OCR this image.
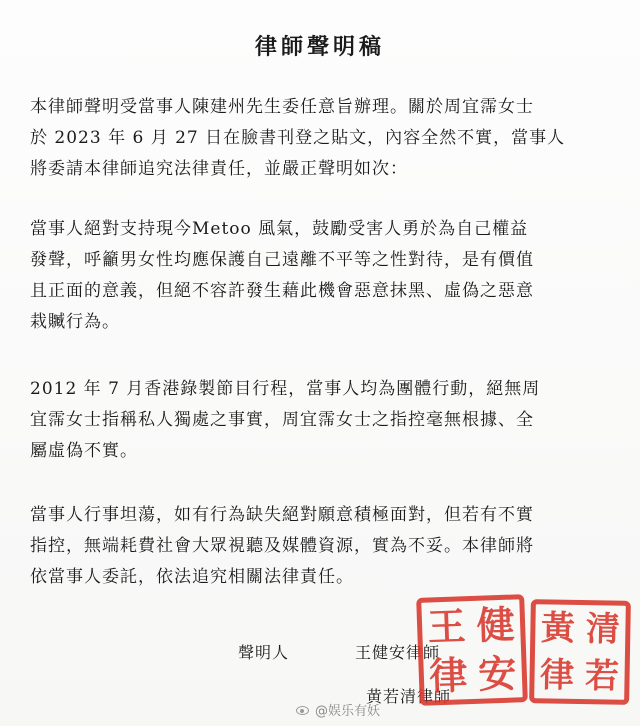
律師聲明稿

本律師聲明受當事人陳建州先生委任意旨辦理。關於周宜霈女士
於 2023 年 6 月 27 日在臉書刊登之貼文，內容全然不實，當事人
將委請本律師追究法律責任，並嚴正聲明如次：

當事人絕對支持現今Metoo 風氣，鼓勵受害人勇於為自己權益
發聲，呼籲男女性均應保護自己遠離不平等之性對待，是有價值
且正面的意義，但絕不容許發生藉此機會惡意抹黑、虛偽之惡意
栽贓行為。

2012 年 7 月香港錄製節目行程，當事人均為團體行動，絕無周
宜霈女士指稱私人獨處之事實，周宜霈女士之指控毫無根據、全
屬虛偽不實。

當事人行事坦蕩，如有行為缺失絕對願意積極面對，但若有不實
指控，無端耗費社會大眾視聽及媒體資源，實為不妥。本律師將
依當事人委託，依法追究相關法律責任。

聲明人	王健安律師
黄若清律師
王 健
律 安
黃 清
律 若
@娱乐有妖
